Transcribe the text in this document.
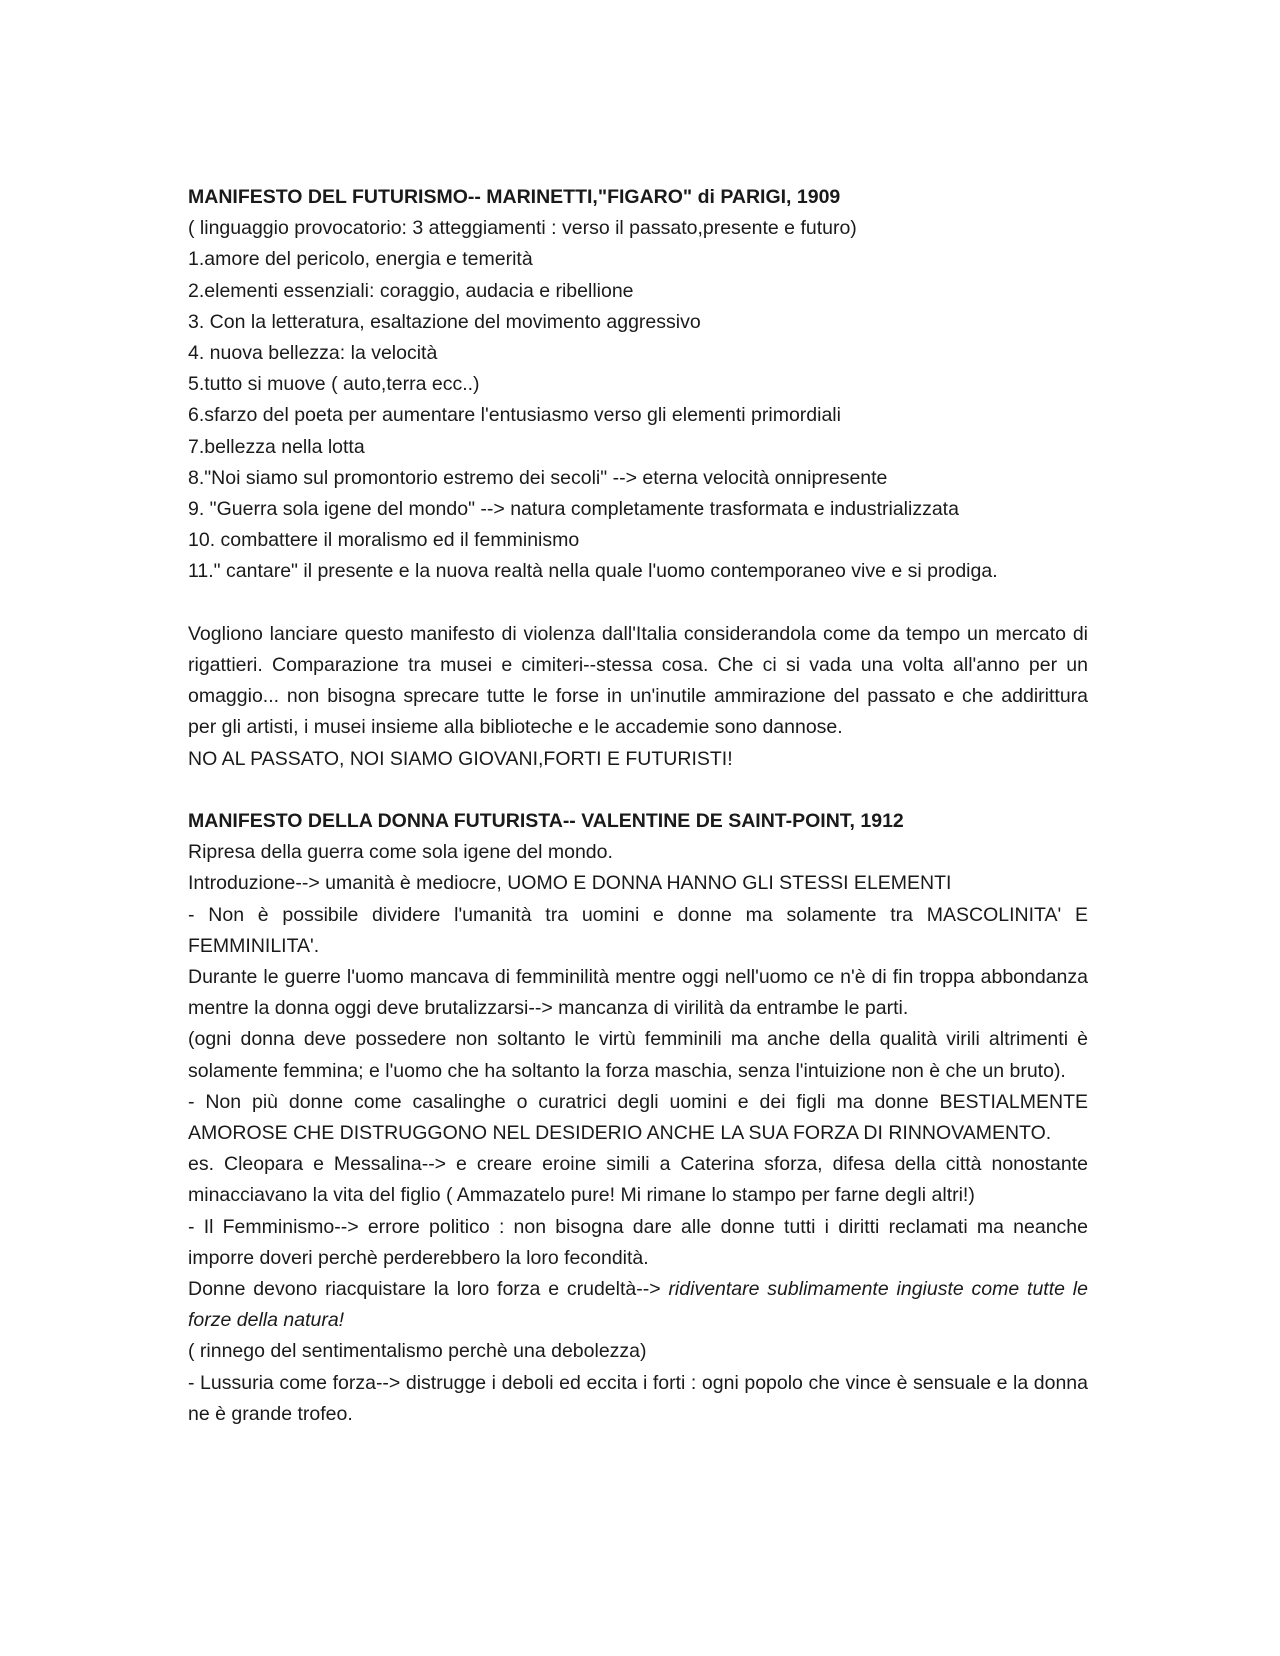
MANIFESTO DEL FUTURISMO-- MARINETTI,"FIGARO" di PARIGI, 1909

( linguaggio provocatorio: 3 atteggiamenti : verso il passato,presente e futuro)

1.amore del pericolo, energia e temerità

2.elementi essenziali: coraggio, audacia e ribellione

3. Con la letteratura, esaltazione del movimento aggressivo

4. nuova bellezza: la velocità

5.tutto si muove ( auto,terra ecc..)

6.sfarzo del poeta per aumentare l'entusiasmo verso gli elementi primordiali

7.bellezza nella lotta

8."Noi siamo sul promontorio estremo dei secoli" --> eterna velocità onnipresente

9. "Guerra sola igene del mondo" --> natura completamente trasformata e industrializzata

10. combattere il moralismo ed il femminismo

11." cantare" il presente e la nuova realtà nella quale l'uomo contemporaneo vive e si prodiga.

Vogliono lanciare questo manifesto di violenza dall'Italia considerandola come da tempo un mercato di rigattieri. Comparazione tra musei e cimiteri--stessa cosa. Che ci si vada una volta all'anno per un omaggio... non bisogna sprecare tutte le forse in un'inutile ammirazione del passato e che addirittura per gli artisti, i musei insieme alla biblioteche e le accademie sono dannose.

NO AL PASSATO, NOI SIAMO GIOVANI,FORTI E FUTURISTI!

MANIFESTO DELLA DONNA FUTURISTA-- VALENTINE DE SAINT-POINT, 1912

Ripresa della guerra come sola igene del mondo.

Introduzione--> umanità è mediocre, UOMO E DONNA HANNO GLI STESSI ELEMENTI

- Non è possibile dividere l'umanità tra uomini e donne ma solamente tra MASCOLINITA' E FEMMINILITA'.

Durante le guerre l'uomo mancava di femminilità mentre oggi nell'uomo ce n'è di fin troppa abbondanza mentre la donna oggi deve brutalizzarsi--> mancanza di virilità da entrambe le parti.

(ogni donna deve possedere non soltanto le virtù femminili ma anche della qualità virili altrimenti è solamente femmina; e l'uomo che ha soltanto la forza maschia, senza l'intuizione non è che un bruto).

- Non più donne come casalinghe o curatrici degli uomini e dei figli ma donne BESTIALMENTE AMOROSE CHE DISTRUGGONO NEL DESIDERIO ANCHE LA SUA FORZA DI RINNOVAMENTO.

es. Cleopara e Messalina--> e creare eroine simili a Caterina sforza, difesa della città nonostante minacciavano la vita del figlio ( Ammazatelo pure! Mi rimane lo stampo per farne degli altri!)

- Il Femminismo--> errore politico : non bisogna dare alle donne tutti i diritti reclamati ma neanche imporre doveri perchè perderebbero la loro fecondità.

Donne devono riacquistare la loro forza e crudeltà--> ridiventare sublimamente ingiuste come tutte le forze della natura!

( rinnego del sentimentalismo perchè una debolezza)

- Lussuria come forza--> distrugge i deboli ed eccita i forti : ogni popolo che vince è sensuale e la donna ne è grande trofeo.
